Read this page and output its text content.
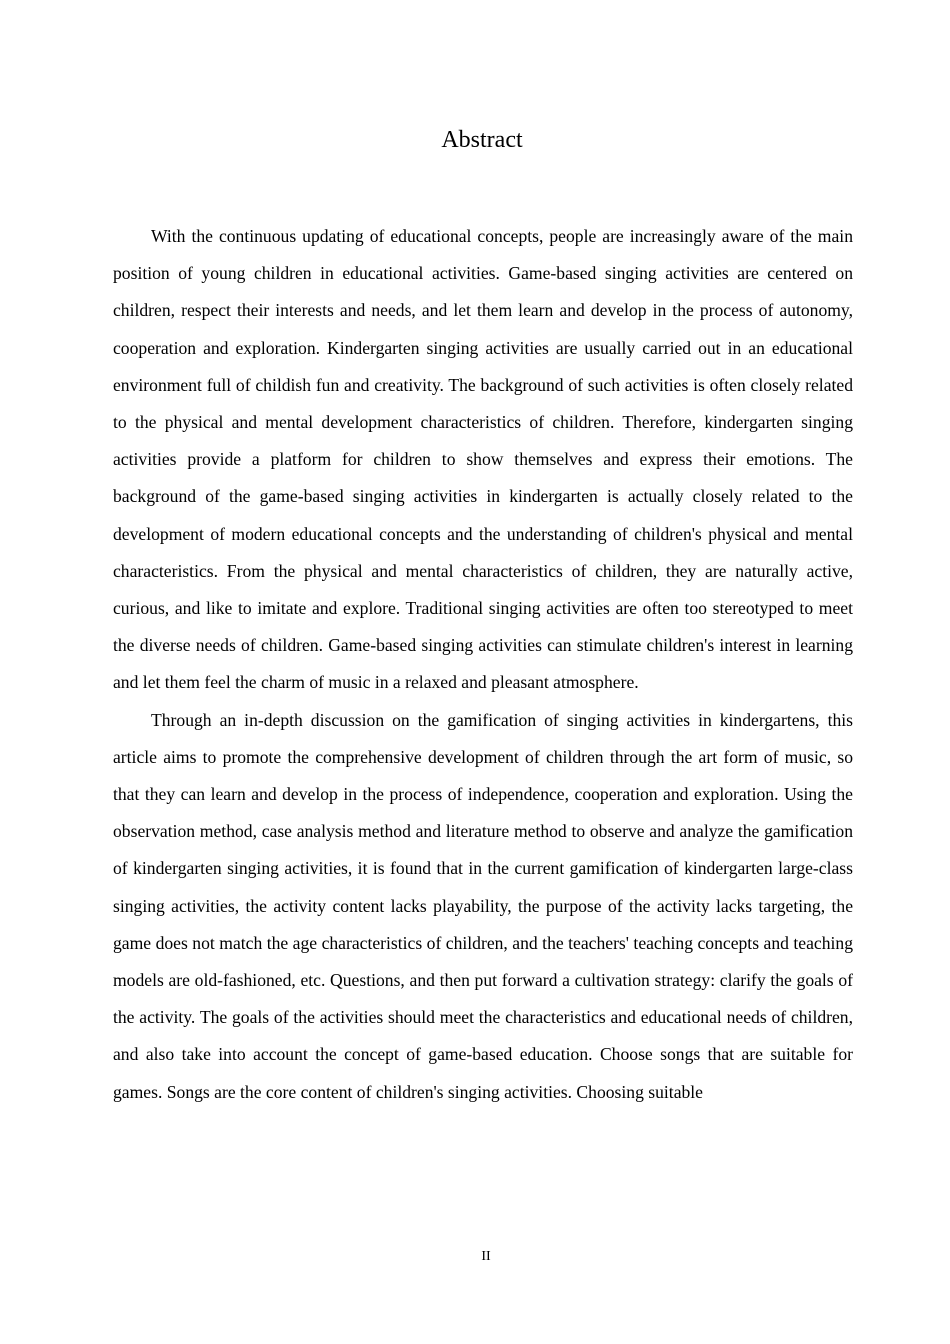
Abstract

With the continuous updating of educational concepts, people are increasingly aware of the main position of young children in educational activities. Game-based singing activities are centered on children, respect their interests and needs, and let them learn and develop in the process of autonomy, cooperation and exploration. Kindergarten singing activities are usually carried out in an educational environment full of childish fun and creativity. The background of such activities is often closely related to the physical and mental development characteristics of children. Therefore, kindergarten singing activities provide a platform for children to show themselves and express their emotions. The background of the game-based singing activities in kindergarten is actually closely related to the development of modern educational concepts and the understanding of children's physical and mental characteristics. From the physical and mental characteristics of children, they are naturally active, curious, and like to imitate and explore. Traditional singing activities are often too stereotyped to meet the diverse needs of children. Game-based singing activities can stimulate children's interest in learning and let them feel the charm of music in a relaxed and pleasant atmosphere.

Through an in-depth discussion on the gamification of singing activities in kindergartens, this article aims to promote the comprehensive development of children through the art form of music, so that they can learn and develop in the process of independence, cooperation and exploration. Using the observation method, case analysis method and literature method to observe and analyze the gamification of kindergarten singing activities, it is found that in the current gamification of kindergarten large-class singing activities, the activity content lacks playability, the purpose of the activity lacks targeting, the game does not match the age characteristics of children, and the teachers' teaching concepts and teaching models are old-fashioned, etc. Questions, and then put forward a cultivation strategy: clarify the goals of the activity. The goals of the activities should meet the characteristics and educational needs of children, and also take into account the concept of game-based education. Choose songs that are suitable for games. Songs are the core content of children's singing activities. Choosing suitable

II
